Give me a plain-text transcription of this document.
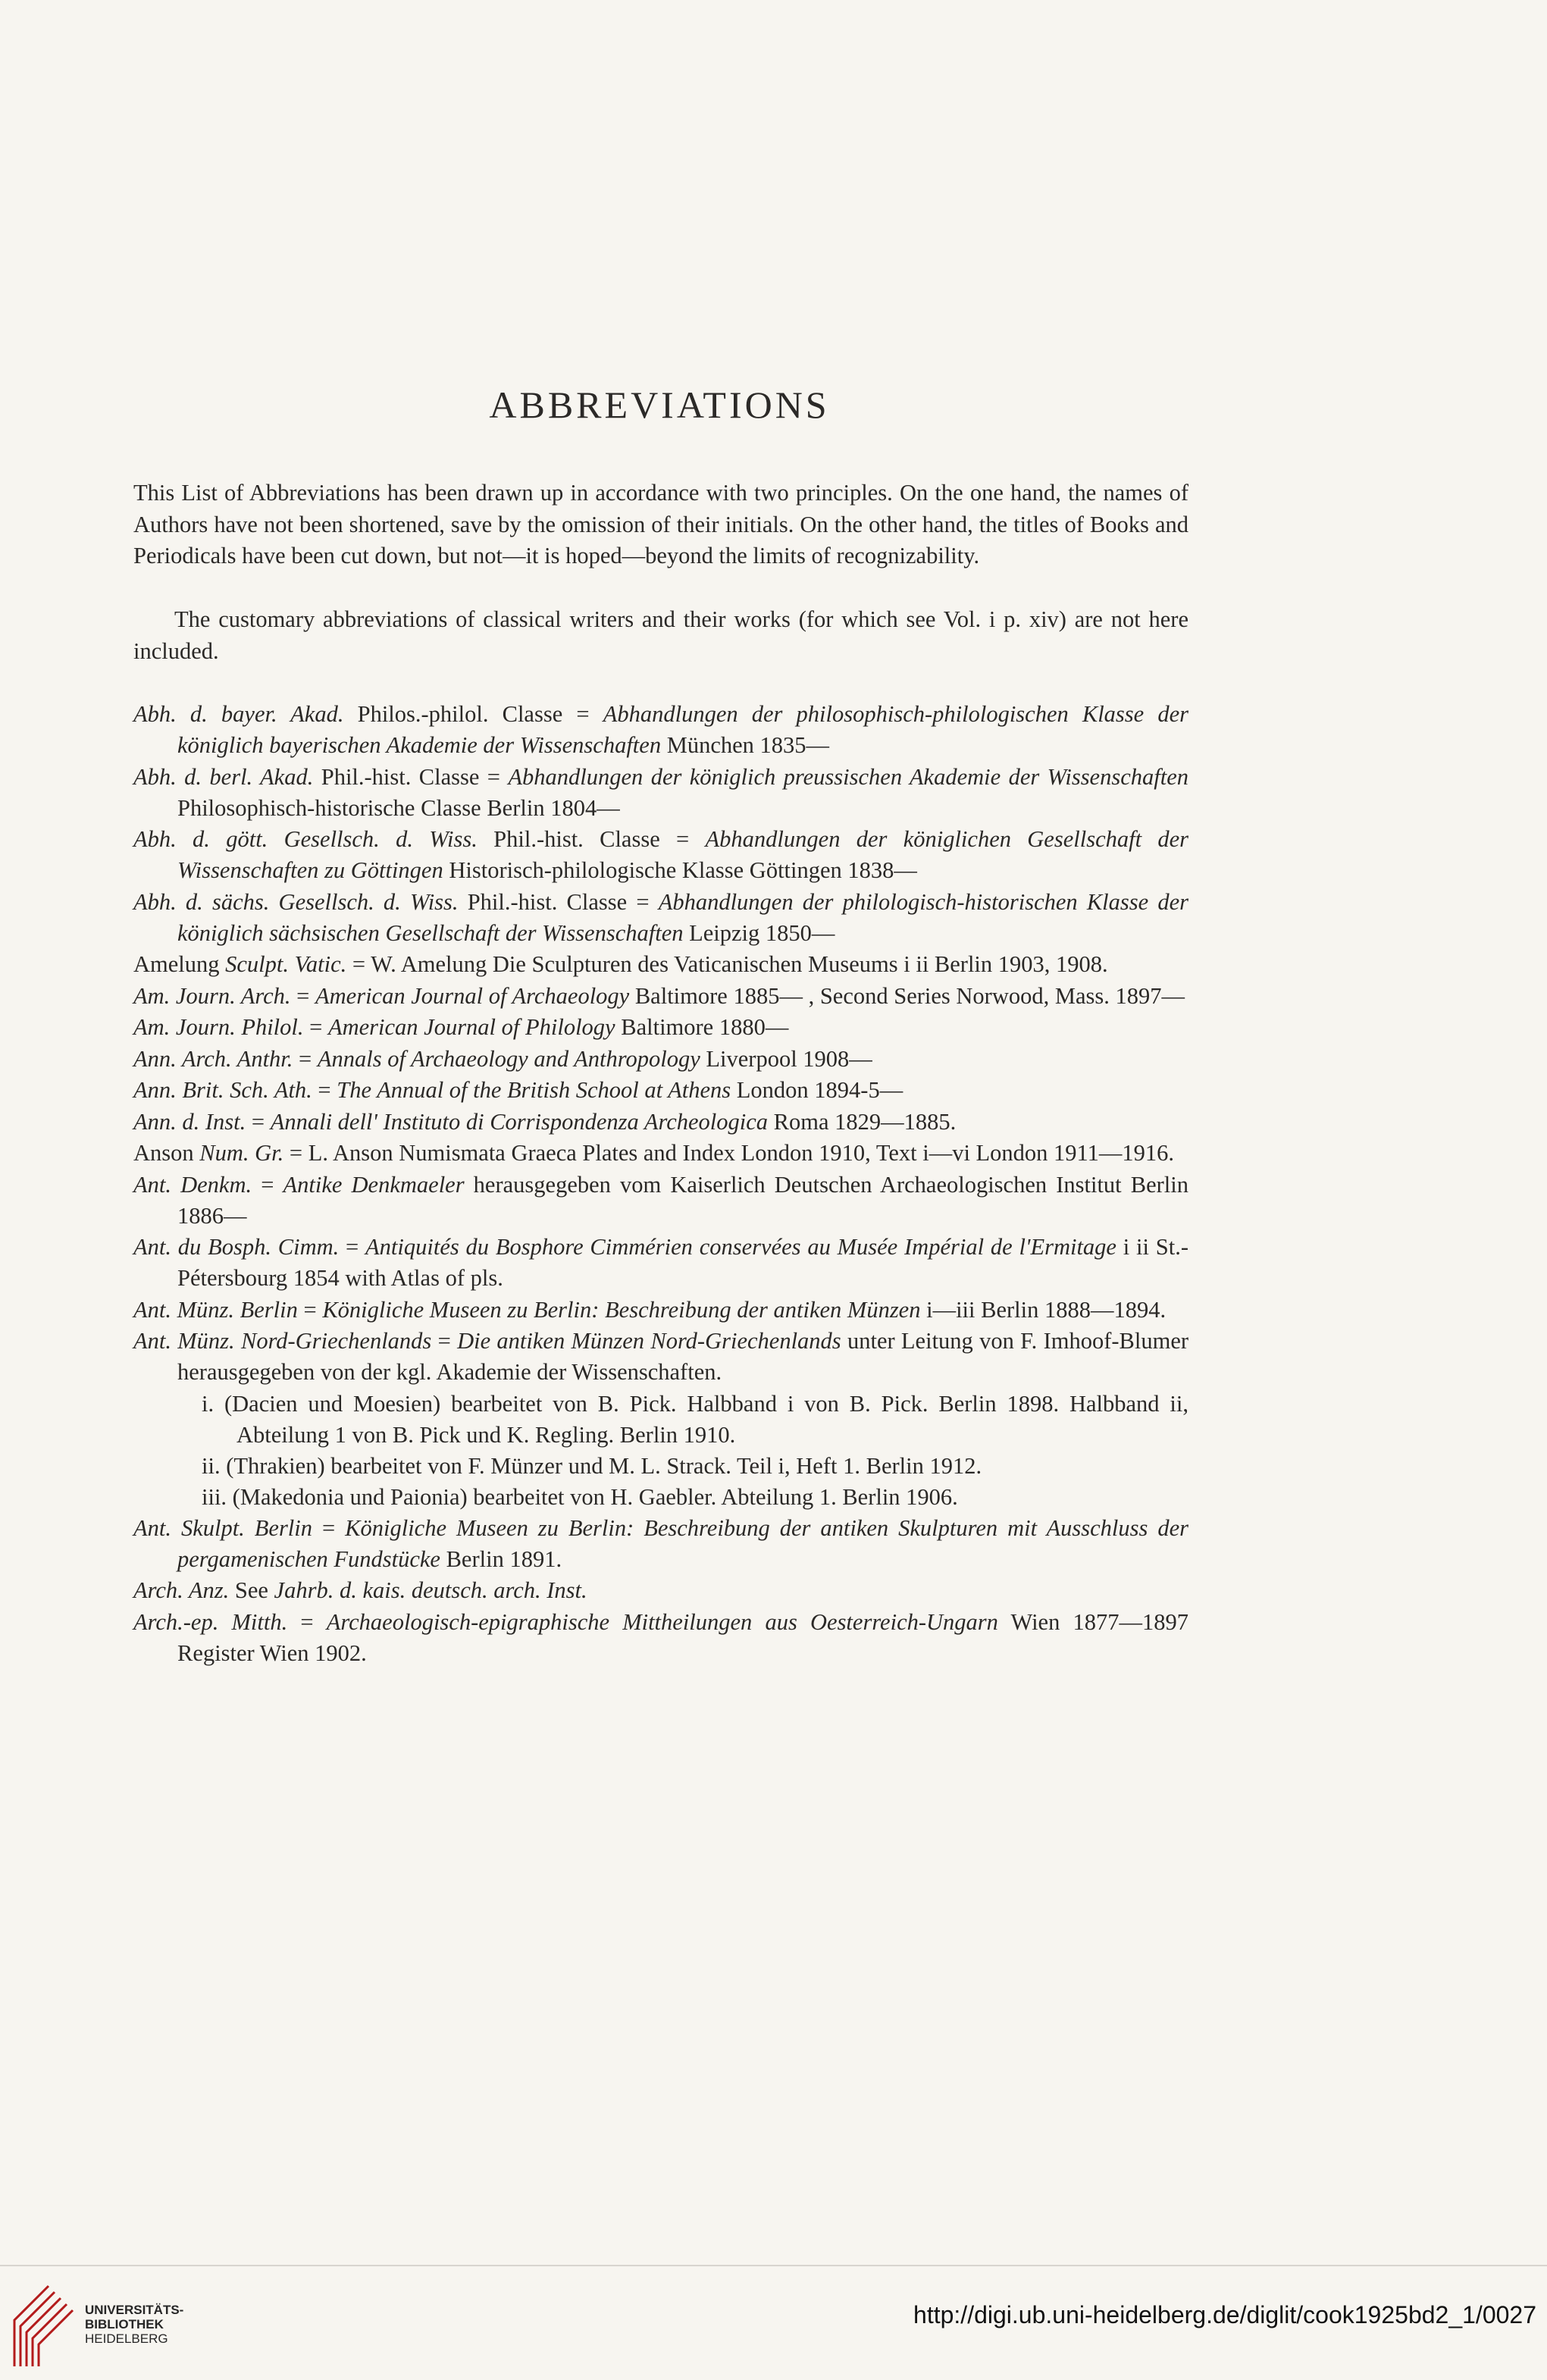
ABBREVIATIONS

This List of Abbreviations has been drawn up in accordance with two principles. On the one hand, the names of Authors have not been shortened, save by the omission of their initials. On the other hand, the titles of Books and Periodicals have been cut down, but not—it is hoped—beyond the limits of recognizability.

The customary abbreviations of classical writers and their works (for which see Vol. i p. xiv) are not here included.

Abh. d. bayer. Akad. Philos.-philol. Classe = Abhandlungen der philosophisch-philologischen Klasse der königlich bayerischen Akademie der Wissenschaften München 1835—

Abh. d. berl. Akad. Phil.-hist. Classe = Abhandlungen der königlich preussischen Akademie der Wissenschaften Philosophisch-historische Classe Berlin 1804—

Abh. d. gött. Gesellsch. d. Wiss. Phil.-hist. Classe = Abhandlungen der königlichen Gesellschaft der Wissenschaften zu Göttingen Historisch-philologische Klasse Göttingen 1838—

Abh. d. sächs. Gesellsch. d. Wiss. Phil.-hist. Classe = Abhandlungen der philologisch-historischen Klasse der königlich sächsischen Gesellschaft der Wissenschaften Leipzig 1850—

Amelung Sculpt. Vatic. = W. Amelung Die Sculpturen des Vaticanischen Museums i ii Berlin 1903, 1908.

Am. Journ. Arch. = American Journal of Archaeology Baltimore 1885— , Second Series Norwood, Mass. 1897—

Am. Journ. Philol. = American Journal of Philology Baltimore 1880—

Ann. Arch. Anthr. = Annals of Archaeology and Anthropology Liverpool 1908—

Ann. Brit. Sch. Ath. = The Annual of the British School at Athens London 1894-5—

Ann. d. Inst. = Annali dell' Instituto di Corrispondenza Archeologica Roma 1829—1885.

Anson Num. Gr. = L. Anson Numismata Graeca Plates and Index London 1910, Text i—vi London 1911—1916.

Ant. Denkm. = Antike Denkmaeler herausgegeben vom Kaiserlich Deutschen Archaeologischen Institut Berlin 1886—

Ant. du Bosph. Cimm. = Antiquités du Bosphore Cimmérien conservées au Musée Impérial de l'Ermitage i ii St.-Pétersbourg 1854 with Atlas of pls.

Ant. Münz. Berlin = Königliche Museen zu Berlin: Beschreibung der antiken Münzen i—iii Berlin 1888—1894.

Ant. Münz. Nord-Griechenlands = Die antiken Münzen Nord-Griechenlands unter Leitung von F. Imhoof-Blumer herausgegeben von der kgl. Akademie der Wissenschaften.

i. (Dacien und Moesien) bearbeitet von B. Pick. Halbband i von B. Pick. Berlin 1898. Halbband ii, Abteilung 1 von B. Pick und K. Regling. Berlin 1910.

ii. (Thrakien) bearbeitet von F. Münzer und M. L. Strack. Teil i, Heft 1. Berlin 1912.

iii. (Makedonia und Paionia) bearbeitet von H. Gaebler. Abteilung 1. Berlin 1906.

Ant. Skulpt. Berlin = Königliche Museen zu Berlin: Beschreibung der antiken Skulpturen mit Ausschluss der pergamenischen Fundstücke Berlin 1891.

Arch. Anz. See Jahrb. d. kais. deutsch. arch. Inst.

Arch.-ep. Mitth. = Archaeologisch-epigraphische Mittheilungen aus Oesterreich-Ungarn Wien 1877—1897 Register Wien 1902.

UNIVERSITÄTS-
BIBLIOTHEK
HEIDELBERG
http://digi.ub.uni-heidelberg.de/diglit/cook1925bd2_1/0027
